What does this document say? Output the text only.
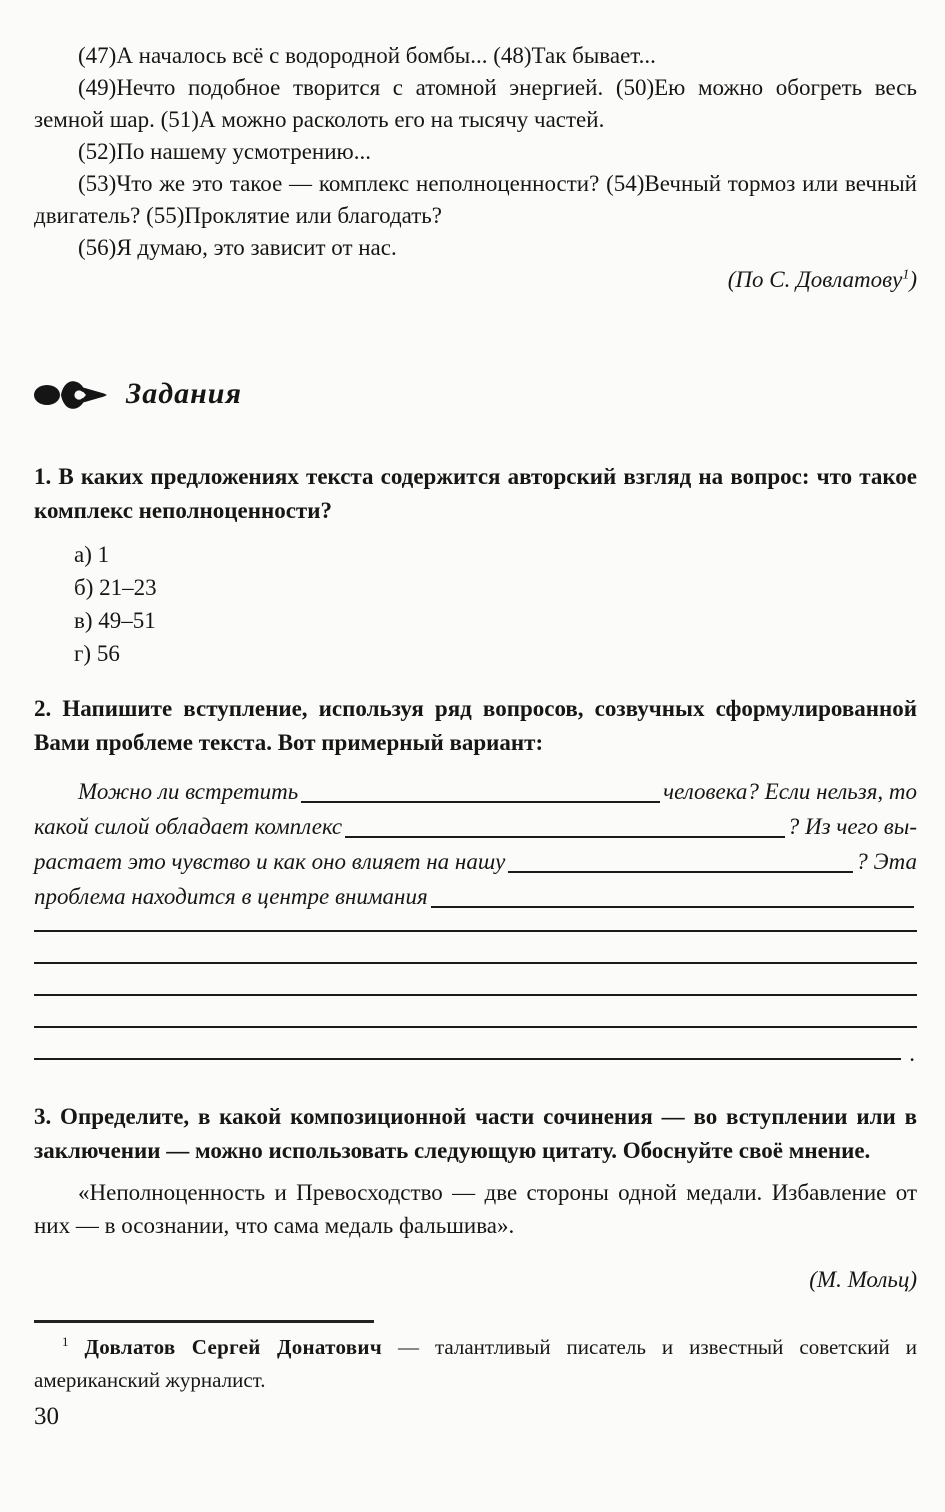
(47)А началось всё с водородной бомбы... (48)Так бывает...

(49)Нечто подобное творится с атомной энергией. (50)Ею можно обогреть весь земной шар. (51)А можно расколоть его на тысячу частей.

(52)По нашему усмотрению...

(53)Что же это такое — комплекс неполноценности? (54)Вечный тормоз или вечный двигатель? (55)Проклятие или благодать?

(56)Я думаю, это зависит от нас.

(По С. Довлатову$^1$)

Задания

1. В каких предложениях текста содержится авторский взгляд на вопрос: что такое комплекс неполноценности?

а) 1
б) 21–23
в) 49–51
г) 56

2. Напишите вступление, используя ряд вопросов, созвучных сформулированной Вами проблеме текста. Вот примерный вариант:

Можно ли встретить	человека? Если нельзя, то
какой силой обладает комплекс	? Из чего вы-
растает это чувство и как оно влияет на нашу	? Эта
проблема находится в центре внимания
.

3. Определите, в какой композиционной части сочинения — во вступлении или в заключении — можно использовать следующую цитату. Обоснуйте своё мнение.

«Неполноценность и Превосходство — две стороны одной медали. Избавление от них — в осознании, что сама медаль фальшива».

(М. Мольц)

$^1$ Довлатов Сергей Донатович — талантливый писатель и известный советский и американский журналист.

30
